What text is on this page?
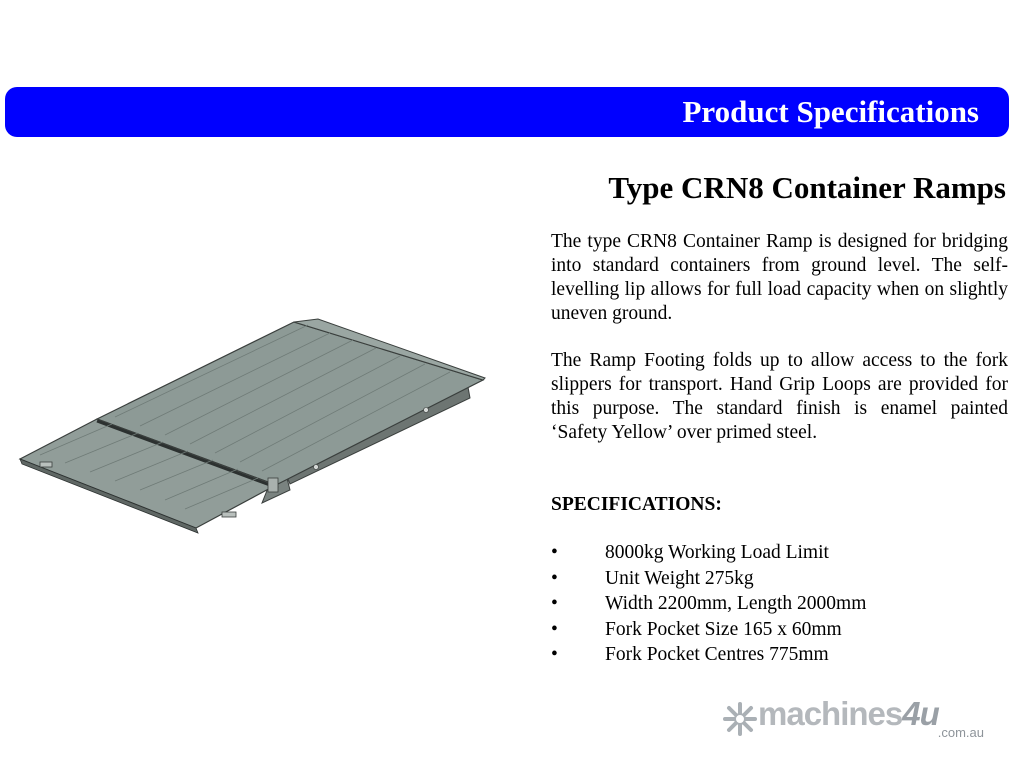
Product Specifications
Type CRN8 Container Ramps

The type CRN8 Container Ramp is designed for bridging into standard containers from ground level. The self-levelling lip allows for full load capacity when on slightly uneven ground.

The Ramp Footing folds up to allow access to the fork slippers for transport. Hand Grip Loops are provided for this purpose. The standard finish is enamel painted ‘Safety Yellow’ over primed steel.

SPECIFICATIONS:
•	8000kg Working Load Limit
•	Unit Weight 275kg
•	Width 2200mm, Length 2000mm
•	Fork Pocket Size 165 x 60mm
•	Fork Pocket Centres 775mm
machines4u
.com.au
